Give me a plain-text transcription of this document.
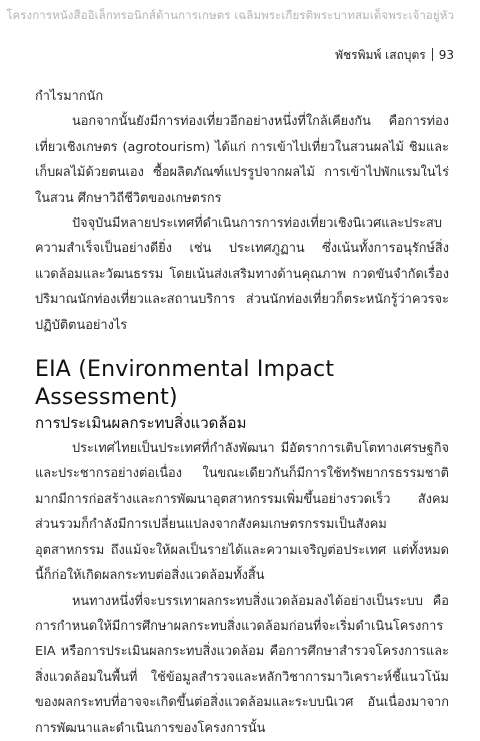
โครงการหนังสืออิเล็กทรอนิกส์ด้านการเกษตร เฉลิมพระเกียรติพระบาทสมเด็จพระเจ้าอยู่หัว
พัชรพิมพ์ เสถบุตร 93

กำไรมากนัก

นอกจากนั้นยังมีการท่องเที่ยวอีกอย่างหนึ่งที่ใกล้เคียงกัน คือการท่องเที่ยวเชิงเกษตร (agrotourism) ได้แก่ การเข้าไปเที่ยวในสวนผลไม้ ชิมและเก็บผลไม้ด้วยตนเอง ซื้อผลิตภัณฑ์แปรรูปจากผลไม้ การเข้าไปพักแรมในไร่ในสวน ศึกษาวิถีชีวิตของเกษตรกร

ปัจจุบันมีหลายประเทศที่ดำเนินการการท่องเที่ยวเชิงนิเวศและประสบความสำเร็จเป็นอย่างดียิ่ง เช่น ประเทศภูฏาน ซึ่งเน้นทั้งการอนุรักษ์สิ่งแวดล้อมและวัฒนธรรม โดยเน้นส่งเสริมทางด้านคุณภาพ กวดขันจำกัดเรื่องปริมาณนักท่องเที่ยวและสถานบริการ ส่วนนักท่องเที่ยวก็ตระหนักรู้ว่าควรจะปฏิบัติตนอย่างไร

EIA (Environmental Impact Assessment)
การประเมินผลกระทบสิ่งแวดล้อม

ประเทศไทยเป็นประเทศที่กำลังพัฒนา มีอัตราการเติบโตทางเศรษฐกิจและประชากรอย่างต่อเนื่อง ในขณะเดียวกันก็มีการใช้ทรัพยากรธรรมชาติมากมีการก่อสร้างและการพัฒนาอุตสาหกรรมเพิ่มขึ้นอย่างรวดเร็ว สังคมส่วนรวมก็กำลังมีการเปลี่ยนแปลงจากสังคมเกษตรกรรมเป็นสังคมอุตสาหกรรม ถึงแม้จะให้ผลเป็นรายได้และความเจริญต่อประเทศ แต่ทั้งหมดนี้ก็ก่อให้เกิดผลกระทบต่อสิ่งแวดล้อมทั้งสิ้น

หนทางหนึ่งที่จะบรรเทาผลกระทบสิ่งแวดล้อมลงได้อย่างเป็นระบบ คือการกำหนดให้มีการศึกษาผลกระทบสิ่งแวดล้อมก่อนที่จะเริ่มดำเนินโครงการ EIA หรือการประเมินผลกระทบสิ่งแวดล้อม คือการศึกษาสำรวจโครงการและสิ่งแวดล้อมในพื้นที่ ใช้ข้อมูลสำรวจและหลักวิชาการมาวิเคราะห์ชี้แนวโน้มของผลกระทบที่อาจจะเกิดขึ้นต่อสิ่งแวดล้อมและระบบนิเวศ อันเนื่องมาจากการพัฒนาและดำเนินการของโครงการนั้น
